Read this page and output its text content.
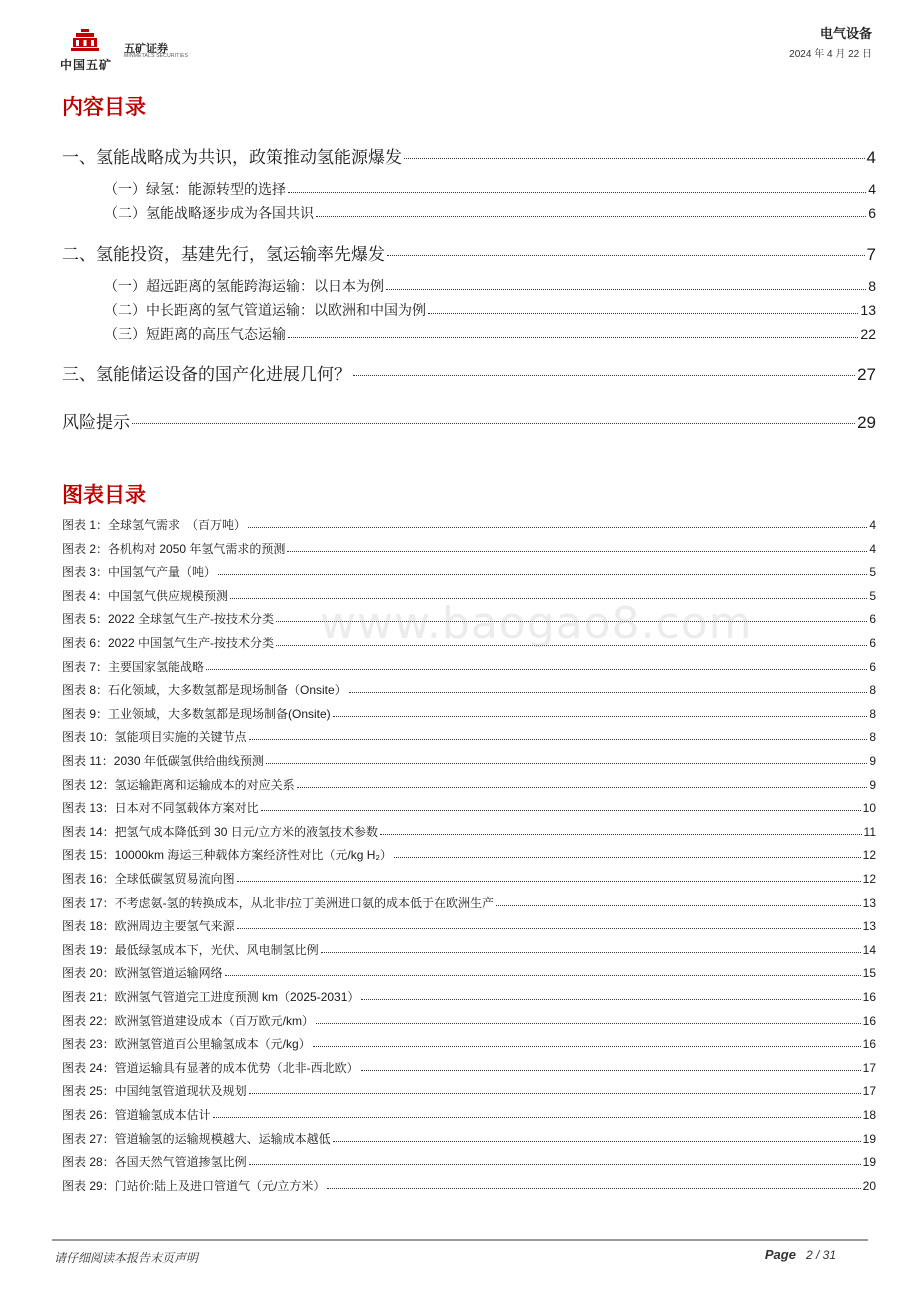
中国五矿
五矿证券
MINMETALS SECURITIES
电气设备
2024 年 4 月 22 日
内容目录
一、氢能战略成为共识，政策推动氢能源爆发	4
（一）绿氢：能源转型的选择	4
（二）氢能战略逐步成为各国共识	6
二、氢能投资，基建先行，氢运输率先爆发	7
（一）超远距离的氢能跨海运输：以日本为例	8
（二）中长距离的氢气管道运输：以欧洲和中国为例	13
（三）短距离的高压气态运输	22
三、氢能储运设备的国产化进展几何？	27
风险提示	29
图表目录
图表 1：全球氢气需求　（百万吨）	4
图表 2：各机构对 2050 年氢气需求的预测	4
图表 3：中国氢气产量（吨）	5
图表 4：中国氢气供应规模预测	5
图表 5：2022 全球氢气生产-按技术分类	6
图表 6：2022 中国氢气生产-按技术分类	6
图表 7：主要国家氢能战略	6
图表 8：石化领域，大多数氢都是现场制备（Onsite）	8
图表 9：工业领域，大多数氢都是现场制备(Onsite)	8
图表 10：氢能项目实施的关键节点	8
图表 11：2030 年低碳氢供给曲线预测	9
图表 12：氢运输距离和运输成本的对应关系	9
图表 13：日本对不同氢载体方案对比	10
图表 14：把氢气成本降低到 30 日元/立方米的液氢技术参数	11
图表 15：10000km 海运三种载体方案经济性对比（元/kg H₂）	12
图表 16：全球低碳氢贸易流向图	12
图表 17：不考虑氨-氢的转换成本，从北非/拉丁美洲进口氨的成本低于在欧洲生产	13
图表 18：欧洲周边主要氢气来源	13
图表 19：最低绿氢成本下，光伏、风电制氢比例	14
图表 20：欧洲氢管道运输网络	15
图表 21：欧洲氢气管道完工进度预测 km（2025-2031）	16
图表 22：欧洲氢管道建设成本（百万欧元/km）	16
图表 23：欧洲氢管道百公里输氢成本（元/kg）	16
图表 24：管道运输具有显著的成本优势（北非-西北欧）	17
图表 25：中国纯氢管道现状及规划	17
图表 26：管道输氢成本估计	18
图表 27：管道输氢的运输规模越大、运输成本越低	19
图表 28：各国天然气管道掺氢比例	19
图表 29：门站价:陆上及进口管道气（元/立方米）	20
www.baogao8.com
请仔细阅读本报告末页声明	Page 2 / 31
